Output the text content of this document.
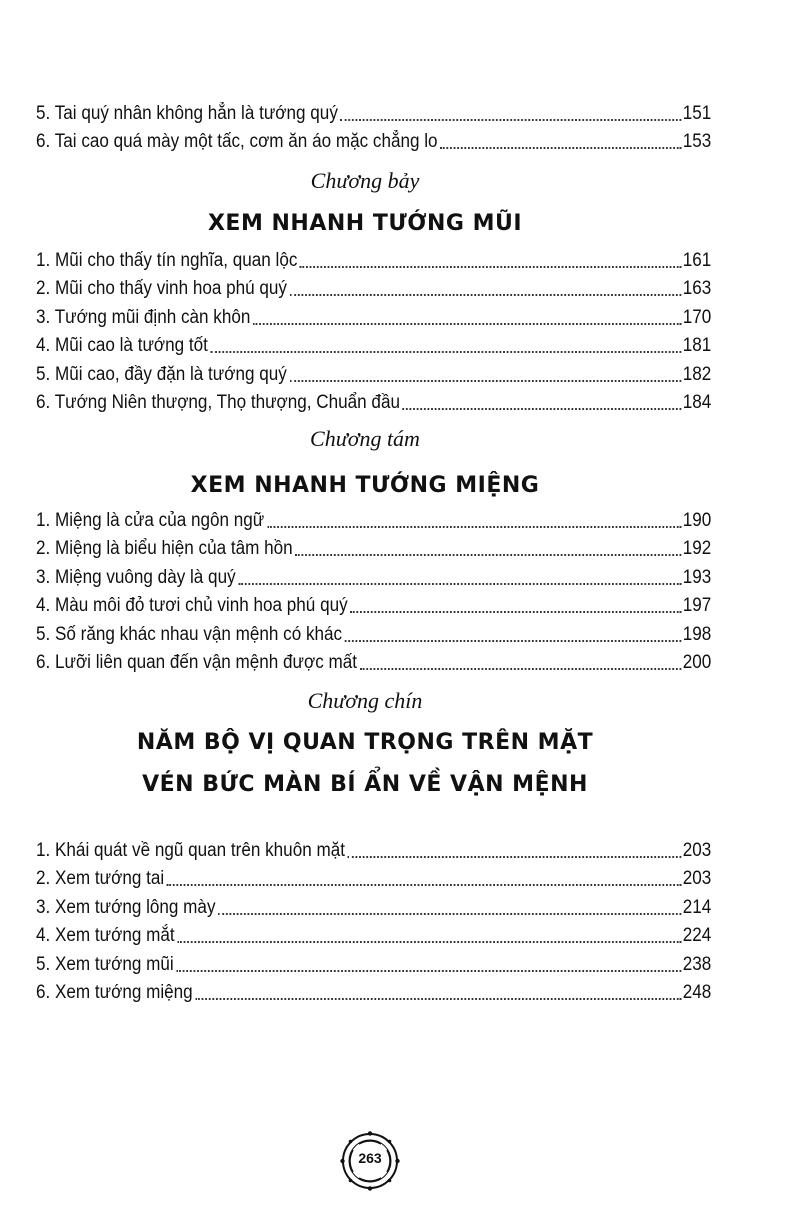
5. Tai quý nhân không hẳn là tướng quý	151
6. Tai cao quá mày một tấc, cơm ăn áo mặc chẳng lo	153
Chương bảy
XEM NHANH TƯỚNG MŨI
1. Mũi cho thấy tín nghĩa, quan lộc	161
2. Mũi cho thấy vinh hoa phú quý	163
3. Tướng mũi định càn khôn	170
4. Mũi cao là tướng tốt	181
5. Mũi cao, đầy đặn là tướng quý	182
6. Tướng Niên thượng, Thọ thượng, Chuẩn đầu	184
Chương tám
XEM NHANH TƯỚNG MIỆNG
1. Miệng là cửa của ngôn ngữ	190
2. Miệng là biểu hiện của tâm hồn	192
3. Miệng vuông dày là quý	193
4. Màu môi đỏ tươi chủ vinh hoa phú quý	197
5. Số răng khác nhau vận mệnh có khác	198
6. Lưỡi liên quan đến vận mệnh được mất	200
Chương chín
NĂM BỘ VỊ QUAN TRỌNG TRÊN MẶT
VÉN BỨC MÀN BÍ ẨN VỀ VẬN MỆNH
1. Khái quát về ngũ quan trên khuôn mặt	203
2. Xem tướng tai	203
3. Xem tướng lông mày	214
4. Xem tướng mắt	224
5. Xem tướng mũi	238
6. Xem tướng miệng	248
263
